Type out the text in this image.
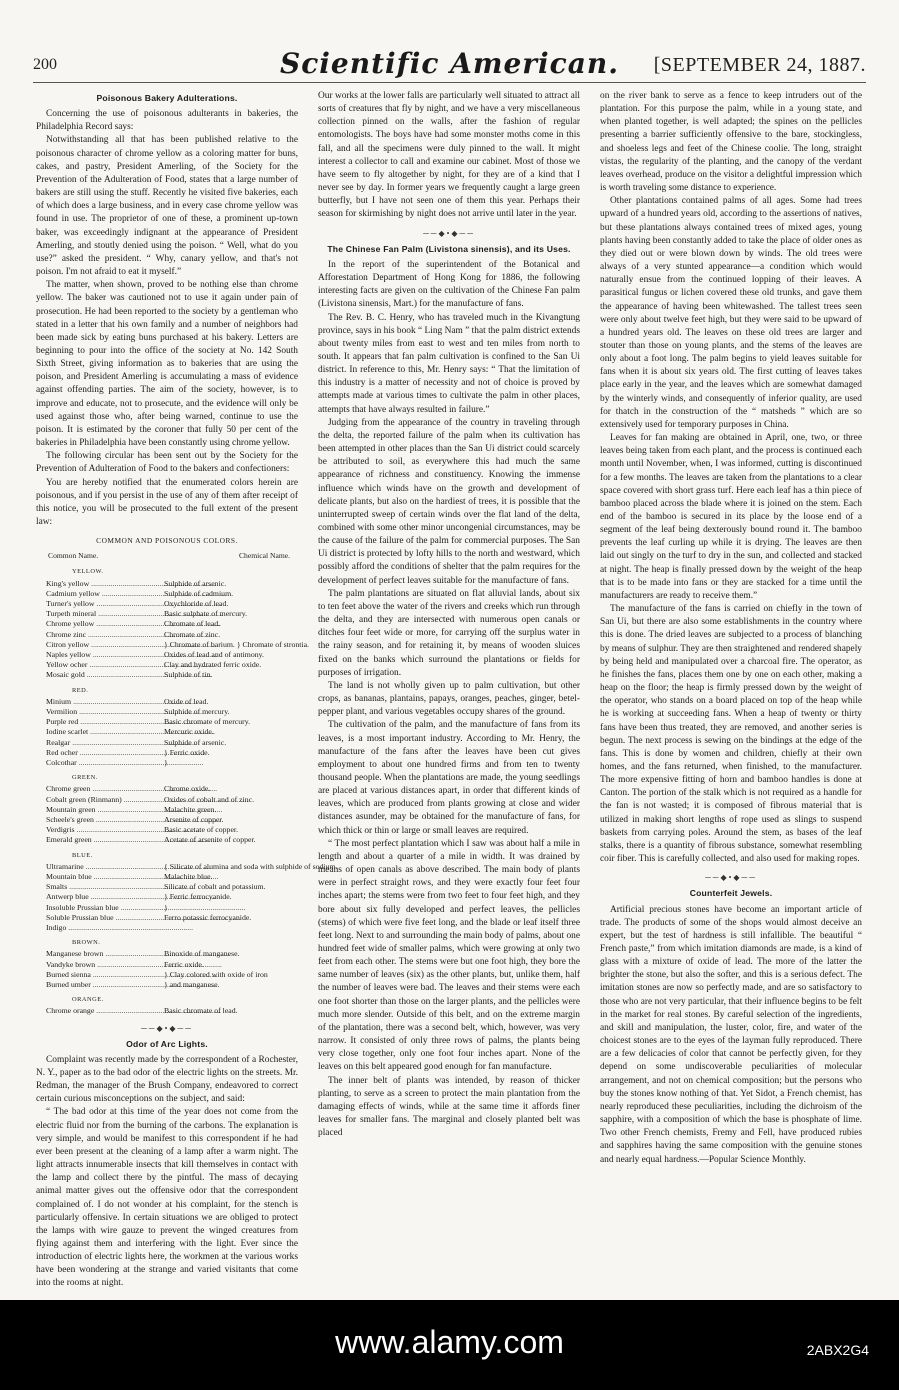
200	Scientific American.	[SEPTEMBER 24, 1887.
Poisonous Bakery Adulterations.

Concerning the use of poisonous adulterants in bakeries, the Philadelphia Record says:

Notwithstanding all that has been published relative to the poisonous character of chrome yellow as a coloring matter for buns, cakes, and pastry, President Amerling, of the Society for the Prevention of the Adulteration of Food, states that a large number of bakers are still using the stuff. Recently he visited five bakeries, each of which does a large business, and in every case chrome yellow was found in use. The proprietor of one of these, a prominent up-town baker, was exceedingly indignant at the appearance of President Amerling, and stoutly denied using the poison. “ Well, what do you use?” asked the president. “ Why, canary yellow, and that's not poison. I'm not afraid to eat it myself.”

The matter, when shown, proved to be nothing else than chrome yellow. The baker was cautioned not to use it again under pain of prosecution. He had been reported to the society by a gentleman who stated in a letter that his own family and a number of neighbors had been made sick by eating buns purchased at his bakery. Letters are beginning to pour into the office of the society at No. 142 South Sixth Street, giving information as to bakeries that are using the poison, and President Amerling is accumulating a mass of evidence against offending parties. The aim of the society, however, is to improve and educate, not to prosecute, and the evidence will only be used against those who, after being warned, continue to use the poison. It is estimated by the coroner that fully 50 per cent of the bakeries in Philadelphia have been constantly using chrome yellow.

The following circular has been sent out by the Society for the Prevention of Adulteration of Food to the bakers and confectioners:

You are hereby notified that the enumerated colors herein are poisonous, and if you persist in the use of any of them after receipt of this notice, you will be prosecuted to the full extent of the present law:

COMMON AND POISONOUS COLORS.
Common Name.	Chemical Name.
YELLOW.
King's yellow .....	Sulphide of arsenic.
Cadmium yellow .....	Sulphide of cadmium.
Turner's yellow .....	Oxychloride of lead.
Turpeth mineral .....	Basic sulphate of mercury.
Chrome yellow .....	Chromate of lead.
Chrome zinc .....	Chromate of zinc.
Citron yellow .....	} Chromate of barium. } Chromate of strontia.
Naples yellow .....	Oxides of lead and of antimony.
Yellow ocher .....	Clay and hydrated ferric oxide.
Mosaic gold .....	Sulphide of tin.
RED.
Minium .....	Oxide of lead.
Vermilion .....	Sulphide of mercury.
Purple red .....	Basic chromate of mercury.
Iodine scarlet .....	Mercuric oxide.
Realgar .....	Sulphide of arsenic.
Red ocher .....	} Ferric oxide.
Colcothar .....	}
GREEN.
Chrome green .....	Chrome oxide.
Cobalt green (Rinmann) .....	Oxides of cobalt and of zinc.
Mountain green .....	Malachite green.
Scheele's green .....	Arsenite of copper.
Verdigris .....	Basic acetate of copper.
Emerald green .....	Acetate of arsenite of copper.
BLUE.
Ultramarine .....	{ Silicate of alumina and soda with sulphide of sodium.
Mountain blue .....	Malachite blue.
Smalts .....	Silicate of cobalt and potassium.
Antwerp blue .....	} Ferric ferrocyanide.
Insoluble Prussian blue .....	}
Soluble Prussian blue .....	Ferro potassic ferrocyanide.
Indigo .....
BROWN.
Manganese brown .....	Binoxide of manganese.
Vandyke brown .....	Ferric oxide.
Burned sienna .....	} Clay colored with oxide of iron
Burned umber .....	} and manganese.
ORANGE.
Chrome orange .....	Basic chromate of lead.
──◆•◆──
Odor of Arc Lights.

Complaint was recently made by the correspondent of a Rochester, N. Y., paper as to the bad odor of the electric lights on the streets. Mr. Redman, the manager of the Brush Company, endeavored to correct certain curious misconceptions on the subject, and said:

“ The bad odor at this time of the year does not come from the electric fluid nor from the burning of the carbons. The explanation is very simple, and would be manifest to this correspondent if he had ever been present at the cleaning of a lamp after a warm night. The light attracts innumerable insects that kill themselves in contact with the lamp and collect there by the pintful. The mass of decaying animal matter gives out the offensive odor that the correspondent complained of. I do not wonder at his complaint, for the stench is particularly offensive. In certain situations we are obliged to protect the lamps with wire gauze to prevent the winged creatures from flying against them and interfering with the light. Ever since the introduction of electric lights here, the workmen at the various works have been wondering at the strange and varied visitants that come into the rooms at night.

Our works at the lower falls are particularly well situated to attract all sorts of creatures that fly by night, and we have a very miscellaneous collection pinned on the walls, after the fashion of regular entomologists. The boys have had some monster moths come in this fall, and all the specimens were duly pinned to the wall. It might interest a collector to call and examine our cabinet. Most of those we have seem to fly altogether by night, for they are of a kind that I never see by day. In former years we frequently caught a large green butterfly, but I have not seen one of them this year. Perhaps their season for skirmishing by night does not arrive until later in the year.

──◆•◆──
The Chinese Fan Palm (Livistona sinensis), and its Uses.

In the report of the superintendent of the Botanical and Afforestation Department of Hong Kong for 1886, the following interesting facts are given on the cultivation of the Chinese Fan palm (Livistona sinensis, Mart.) for the manufacture of fans.

The Rev. B. C. Henry, who has traveled much in the Kivangtung province, says in his book “ Ling Nam ” that the palm district extends about twenty miles from east to west and ten miles from north to south. It appears that fan palm cultivation is confined to the San Ui district. In reference to this, Mr. Henry says: “ That the limitation of this industry is a matter of necessity and not of choice is proved by attempts made at various times to cultivate the palm in other places, attempts that have always resulted in failure.”

Judging from the appearance of the country in traveling through the delta, the reported failure of the palm when its cultivation has been attempted in other places than the San Ui district could scarcely be attributed to soil, as everywhere this had much the same appearance of richness and constituency. Knowing the immense influence which winds have on the growth and development of delicate plants, but also on the hardiest of trees, it is possible that the uninterrupted sweep of certain winds over the flat land of the delta, combined with some other minor uncongenial circumstances, may be the cause of the failure of the palm for commercial purposes. The San Ui district is protected by lofty hills to the north and westward, which possibly afford the conditions of shelter that the palm requires for the development of perfect leaves suitable for the manufacture of fans.

The palm plantations are situated on flat alluvial lands, about six to ten feet above the water of the rivers and creeks which run through the delta, and they are intersected with numerous open canals or ditches four feet wide or more, for carrying off the surplus water in the rainy season, and for retaining it, by means of wooden sluices fixed on the banks which surround the plantations or fields for purposes of irrigation.

The land is not wholly given up to palm cultivation, but other crops, as bananas, plantains, papays, oranges, peaches, ginger, betel-pepper plant, and various vegetables occupy shares of the ground.

The cultivation of the palm, and the manufacture of fans from its leaves, is a most important industry. According to Mr. Henry, the manufacture of the fans after the leaves have been cut gives employment to about one hundred firms and from ten to twenty thousand people. When the plantations are made, the young seedlings are placed at various distances apart, in order that different kinds of leaves, which are produced from plants growing at close and wider distances asunder, may be obtained for the manufacture of fans, for which thick or thin or large or small leaves are required.

“ The most perfect plantation which I saw was about half a mile in length and about a quarter of a mile in width. It was drained by means of open canals as above described. The main body of plants were in perfect straight rows, and they were exactly four feet four inches apart; the stems were from two feet to four feet high, and they bore about six fully developed and perfect leaves, the pellicles (stems) of which were five feet long, and the blade or leaf itself three feet long. Next to and surrounding the main body of palms, about one hundred feet wide of smaller palms, which were growing at only two feet from each other. The stems were but one foot high, they bore the same number of leaves (six) as the other plants, but, unlike them, half the number of leaves were bad. The leaves and their stems were each one foot shorter than those on the larger plants, and the pellicles were much more slender. Outside of this belt, and on the extreme margin of the plantation, there was a second belt, which, however, was very narrow. It consisted of only three rows of palms, the plants being very close together, only one foot four inches apart. None of the leaves on this belt appeared good enough for fan manufacture.

The inner belt of plants was intended, by reason of thicker planting, to serve as a screen to protect the main plantation from the damaging effects of winds, while at the same time it affords finer leaves for smaller fans. The marginal and closely planted belt was placed

on the river bank to serve as a fence to keep intruders out of the plantation. For this purpose the palm, while in a young state, and when planted together, is well adapted; the spines on the pellicles presenting a barrier sufficiently offensive to the bare, stockingless, and shoeless legs and feet of the Chinese coolie. The long, straight vistas, the regularity of the planting, and the canopy of the verdant leaves overhead, produce on the visitor a delightful impression which is worth traveling some distance to experience.

Other plantations contained palms of all ages. Some had trees upward of a hundred years old, according to the assertions of natives, but these plantations always contained trees of mixed ages, young plants having been constantly added to take the place of older ones as they died out or were blown down by winds. The old trees were always of a very stunted appearance—a condition which would naturally ensue from the continued lopping of their leaves. A parasitical fungus or lichen covered these old trunks, and gave them the appearance of having been whitewashed. The tallest trees seen were only about twelve feet high, but they were said to be upward of a hundred years old. The leaves on these old trees are larger and stouter than those on young plants, and the stems of the leaves are only about a foot long. The palm begins to yield leaves suitable for fans when it is about six years old. The first cutting of leaves takes place early in the year, and the leaves which are somewhat damaged by the winterly winds, and consequently of inferior quality, are used for thatch in the construction of the “ matsheds ” which are so extensively used for temporary purposes in China.

Leaves for fan making are obtained in April, one, two, or three leaves being taken from each plant, and the process is continued each month until November, when, I was informed, cutting is discontinued for a few months. The leaves are taken from the plantations to a clear space covered with short grass turf. Here each leaf has a thin piece of bamboo placed across the blade where it is joined on the stem. Each end of the bamboo is secured in its place by the loose end of a segment of the leaf being dexterously bound round it. The bamboo prevents the leaf curling up while it is drying. The leaves are then laid out singly on the turf to dry in the sun, and collected and stacked at night. The heap is finally pressed down by the weight of the heap that is to be made into fans or they are stacked for a time until the manufacturers are ready to receive them.”

The manufacture of the fans is carried on chiefly in the town of San Ui, but there are also some establishments in the country where this is done. The dried leaves are subjected to a process of blanching by means of sulphur. They are then straightened and rendered shapely by being held and manipulated over a charcoal fire. The operator, as he finishes the fans, places them one by one on each other, making a heap on the floor; the heap is firmly pressed down by the weight of the operator, who stands on a board placed on top of the heap while he is working at succeeding fans. When a heap of twenty or thirty fans have been thus treated, they are removed, and another series is begun. The next process is sewing on the bindings at the edge of the fans. This is done by women and children, chiefly at their own homes, and the fans returned, when finished, to the manufacturer. The more expensive fitting of horn and bamboo handles is done at Canton. The portion of the stalk which is not required as a handle for the fan is not wasted; it is composed of fibrous material that is utilized in making short lengths of rope used as slings to suspend baskets from carrying poles. Around the stem, as bases of the leaf stalks, there is a quantity of fibrous substance, somewhat resembling coir fiber. This is carefully collected, and also used for making ropes.

──◆•◆──
Counterfeit Jewels.

Artificial precious stones have become an important article of trade. The products of some of the shops would almost deceive an expert, but the test of hardness is still infallible. The beautiful “ French paste,” from which imitation diamonds are made, is a kind of glass with a mixture of oxide of lead. The more of the latter the brighter the stone, but also the softer, and this is a serious defect. The imitation stones are now so perfectly made, and are so satisfactory to those who are not very particular, that their influence begins to be felt in the market for real stones. By careful selection of the ingredients, and skill and manipulation, the luster, color, fire, and water of the choicest stones are to the eyes of the layman fully reproduced. There are a few delicacies of color that cannot be perfectly given, for they depend on some undiscoverable peculiarities of molecular arrangement, and not on chemical composition; but the persons who buy the stones know nothing of that. Yet Sidot, a French chemist, has nearly reproduced these peculiarities, including the dichroism of the sapphire, with a composition of which the base is phosphate of lime. Two other French chemists, Fremy and Fell, have produced rubies and sapphires having the same composition with the genuine stones and nearly equal hardness.—Popular Science Monthly.

www.alamy.com	2ABX2G4
